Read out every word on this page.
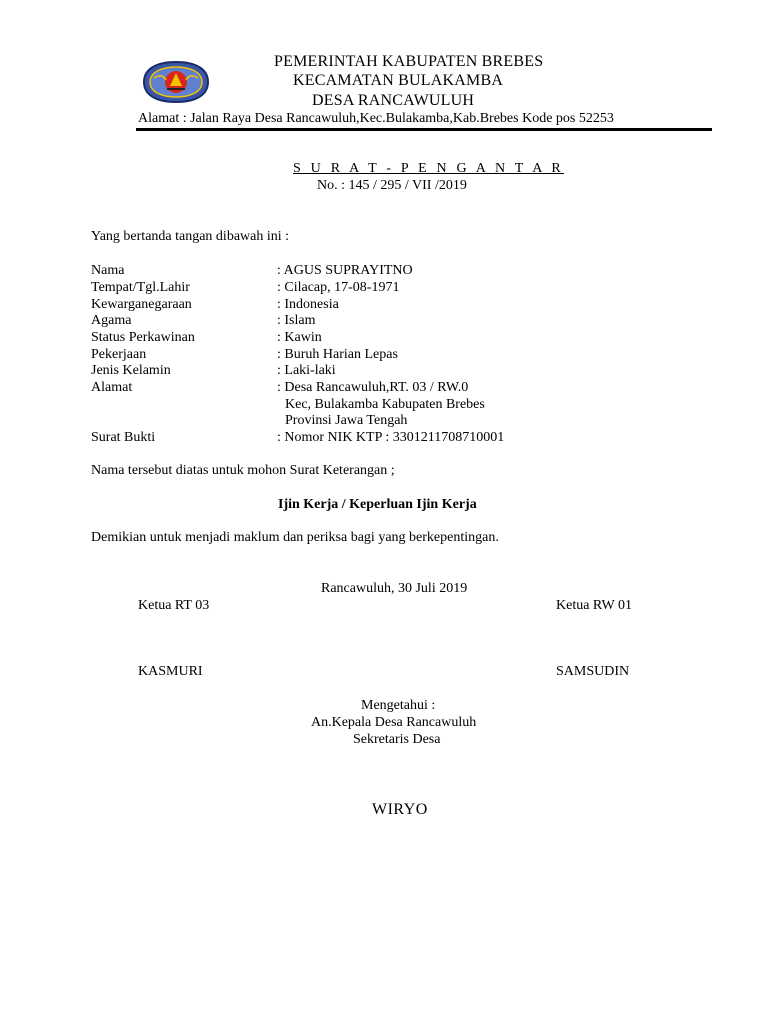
PEMERINTAH KABUPATEN BREBES
KECAMATAN BULAKAMBA
DESA RANCAWULUH
Alamat : Jalan Raya Desa Rancawuluh,Kec.Bulakamba,Kab.Brebes Kode pos 52253
S U R A T - P E N G A N T A R
No. : 145 / 295 / VII /2019
Yang bertanda tangan dibawah ini :
Nama	: AGUS SUPRAYITNO
Tempat/Tgl.Lahir	: Cilacap, 17-08-1971
Kewarganegaraan	: Indonesia
Agama	: Islam
Status Perkawinan	: Kawin
Pekerjaan	: Buruh Harian Lepas
Jenis Kelamin	: Laki-laki
Alamat	: Desa Rancawuluh,RT. 03 / RW.0
Kec, Bulakamba Kabupaten Brebes
Provinsi Jawa Tengah
Surat Bukti	: Nomor NIK KTP : 3301211708710001
Nama tersebut diatas untuk mohon Surat Keterangan ;
Ijin Kerja / Keperluan Ijin Kerja
Demikian untuk menjadi maklum dan periksa bagi yang berkepentingan.
Rancawuluh, 30 Juli 2019
Ketua RT 03	Ketua RW 01
KASMURI	SAMSUDIN
Mengetahui :
An.Kepala Desa Rancawuluh
Sekretaris Desa
WIRYO
